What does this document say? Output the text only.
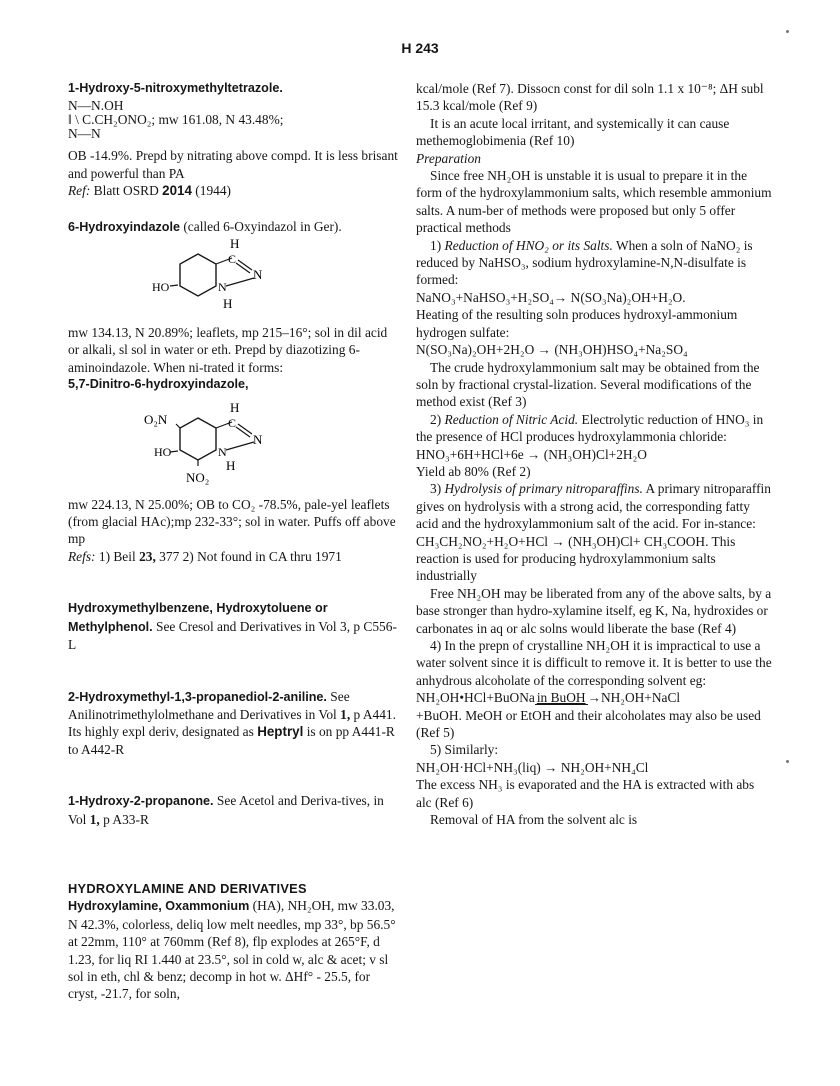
H 243

1-Hydroxy-5-nitroxymethyltetrazole.

N—N.OH
‖ \ C.CH₂ONO₂; mw 161.08, N 43.48%;
N—N

OB -14.9%. Prepd by nitrating above compd. It is less brisant and powerful than PA

Ref: Blatt OSRD 2014 (1944)

6-Hydroxyindazole (called 6-Oxyindazol in Ger).

H
C
N
N
H
HO

mw 134.13, N 20.89%; leaflets, mp 215–16°; sol in dil acid or alkali, sl sol in water or eth. Prepd by diazotizing 6-aminoindazole. When ni-trated it forms:

5,7-Dinitro-6-hydroxyindazole,

O₂N
H
C
N
N
H
HO
NO₂

mw 224.13, N 25.00%; OB to CO₂ -78.5%, pale-yel leaflets (from glacial HAc);mp 232-33°; sol in water. Puffs off above mp

Refs: 1) Beil 23, 377 2) Not found in CA thru 1971

Hydroxymethylbenzene, Hydroxytoluene or Methylphenol. See Cresol and Derivatives in Vol 3, p C556-L

2-Hydroxymethyl-1,3-propanediol-2-aniline. See Anilinotrimethylolmethane and Derivatives in Vol 1, p A441. Its highly expl deriv, designated as Heptryl is on pp A441-R to A442-R

1-Hydroxy-2-propanone. See Acetol and Deriva-tives, in Vol 1, p A33-R

HYDROXYLAMINE AND DERIVATIVES

Hydroxylamine, Oxammonium (HA), NH₂OH, mw 33.03, N 42.3%, colorless, deliq low melt needles, mp 33°, bp 56.5° at 22mm, 110° at 760mm (Ref 8), flp explodes at 265°F, d 1.23, for liq RI 1.440 at 23.5°, sol in cold w, alc & acet; v sl sol in eth, chl & benz; decomp in hot w. ΔHf° - 25.5, for cryst, -21.7, for soln,

kcal/mole (Ref 7). Dissocn const for dil soln 1.1 x 10⁻⁸; ΔH subl 15.3 kcal/mole (Ref 9)

It is an acute local irritant, and systemically it can cause methemoglobimenia (Ref 10)

Preparation

Since free NH₂OH is unstable it is usual to prepare it in the form of the hydroxylammonium salts, which resemble ammonium salts. A num-ber of methods were proposed but only 5 offer practical methods

1) Reduction of HNO₂ or its Salts. When a soln of NaNO₂ is reduced by NaHSO₃, sodium hydroxylamine-N,N-disulfate is formed:

NaNO₃+NaHSO₃+H₂SO₄→ N(SO₃Na)₂OH+H₂O.

Heating of the resulting soln produces hydroxyl-ammonium hydrogen sulfate:

N(SO₃Na)₂OH+2H₂O → (NH₃OH)HSO₄+Na₂SO₄

The crude hydroxylammonium salt may be obtained from the soln by fractional crystal-lization. Several modifications of the method exist (Ref 3)

2) Reduction of Nitric Acid. Electrolytic reduction of HNO₃ in the presence of HCl produces hydroxylammonia chloride:

HNO₃+6H+HCl+6e → (NH₃OH)Cl+2H₂O

Yield ab 80% (Ref 2)

3) Hydrolysis of primary nitroparaffins. A primary nitroparaffin gives on hydrolysis with a strong acid, the corresponding fatty acid and the hydroxylammonium salt of the acid. For in-stance: CH₃CH₂NO₂+H₂O+HCl → (NH₃OH)Cl+ CH₃COOH. This reaction is used for producing hydroxylammonium salts industrially

Free NH₂OH may be liberated from any of the above salts, by a base stronger than hydro-xylamine itself, eg K, Na, hydroxides or carbonates in aq or alc solns would liberate the base (Ref 4)

4) In the prepn of crystalline NH₂OH it is impractical to use a water solvent since it is difficult to remove it. It is better to use the anhydrous alcoholate of the corresponding solvent eg:

NH₂OH•HCl+BuONa in BuOH →NH₂OH+NaCl

+BuOH. MeOH or EtOH and their alcoholates may also be used (Ref 5)

5) Similarly:

NH₂OH·HCl+NH₃(liq) → NH₂OH+NH₄Cl

The excess NH₃ is evaporated and the HA is extracted with abs alc (Ref 6)

Removal of HA from the solvent alc is
